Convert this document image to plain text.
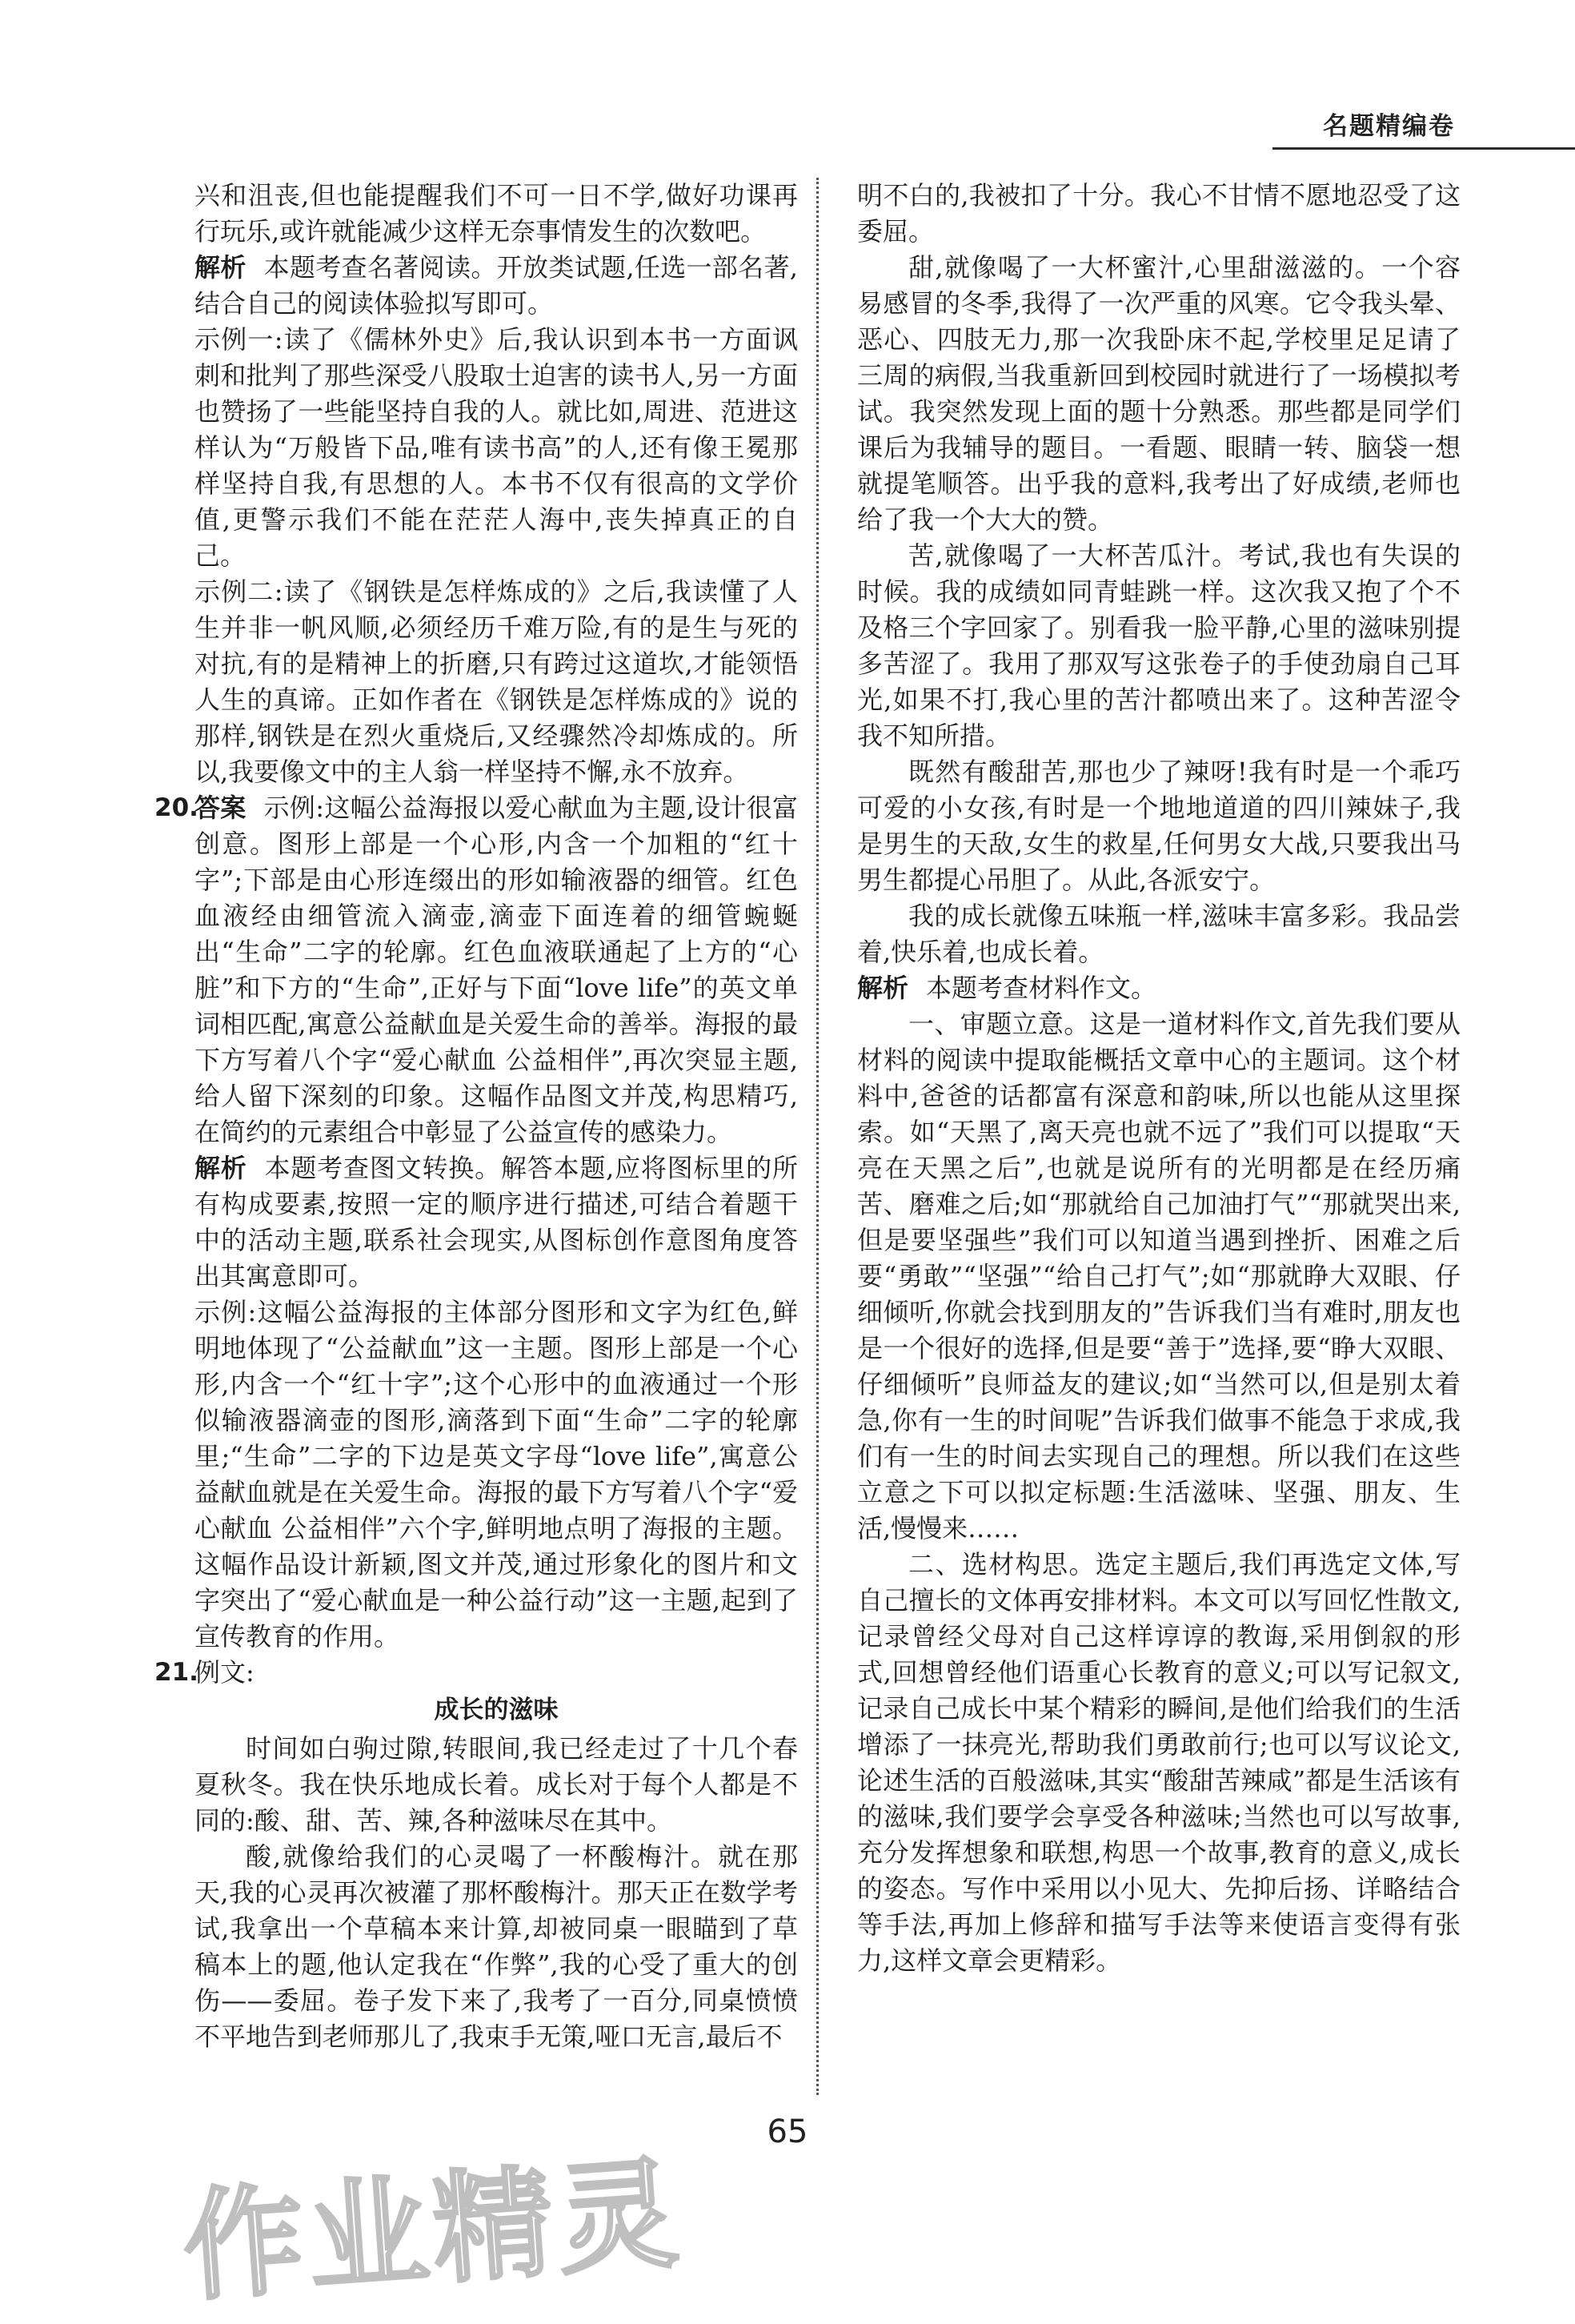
名题精编卷

兴和沮丧,但也能提醒我们不可一日不学,做好功课再行玩乐,或许就能减少这样无奈事情发生的次数吧。

解析 本题考查名著阅读。开放类试题,任选一部名著,结合自己的阅读体验拟写即可。

示例一:读了《儒林外史》后,我认识到本书一方面讽刺和批判了那些深受八股取士迫害的读书人,另一方面也赞扬了一些能坚持自我的人。就比如,周进、范进这样认为“万般皆下品,唯有读书高”的人,还有像王冕那样坚持自我,有思想的人。本书不仅有很高的文学价值,更警示我们不能在茫茫人海中,丧失掉真正的自己。

示例二:读了《钢铁是怎样炼成的》之后,我读懂了人生并非一帆风顺,必须经历千难万险,有的是生与死的对抗,有的是精神上的折磨,只有跨过这道坎,才能领悟人生的真谛。正如作者在《钢铁是怎样炼成的》说的那样,钢铁是在烈火重烧后,又经骤然冷却炼成的。所以,我要像文中的主人翁一样坚持不懈,永不放弃。

20.

答案 示例:这幅公益海报以爱心献血为主题,设计很富创意。图形上部是一个心形,内含一个加粗的“红十字”;下部是由心形连缀出的形如输液器的细管。红色血液经由细管流入滴壶,滴壶下面连着的细管蜿蜒出“生命”二字的轮廓。红色血液联通起了上方的“心脏”和下方的“生命”,正好与下面“love life”的英文单词相匹配,寓意公益献血是关爱生命的善举。海报的最下方写着八个字“爱心献血 公益相伴”,再次突显主题,给人留下深刻的印象。这幅作品图文并茂,构思精巧,在简约的元素组合中彰显了公益宣传的感染力。

解析 本题考查图文转换。解答本题,应将图标里的所有构成要素,按照一定的顺序进行描述,可结合着题干中的活动主题,联系社会现实,从图标创作意图角度答出其寓意即可。

示例:这幅公益海报的主体部分图形和文字为红色,鲜明地体现了“公益献血”这一主题。图形上部是一个心形,内含一个“红十字”;这个心形中的血液通过一个形似输液器滴壶的图形,滴落到下面“生命”二字的轮廓里;“生命”二字的下边是英文字母“love life”,寓意公益献血就是在关爱生命。海报的最下方写着八个字“爱心献血 公益相伴”六个字,鲜明地点明了海报的主题。这幅作品设计新颖,图文并茂,通过形象化的图片和文字突出了“爱心献血是一种公益行动”这一主题,起到了宣传教育的作用。

21.

例文:

成长的滋味

时间如白驹过隙,转眼间,我已经走过了十几个春夏秋冬。我在快乐地成长着。成长对于每个人都是不同的:酸、甜、苦、辣,各种滋味尽在其中。

酸,就像给我们的心灵喝了一杯酸梅汁。就在那天,我的心灵再次被灌了那杯酸梅汁。那天正在数学考试,我拿出一个草稿本来计算,却被同桌一眼瞄到了草稿本上的题,他认定我在“作弊”,我的心受了重大的创伤——委屈。卷子发下来了,我考了一百分,同桌愤愤不平地告到老师那儿了,我束手无策,哑口无言,最后不

明不白的,我被扣了十分。我心不甘情不愿地忍受了这委屈。

甜,就像喝了一大杯蜜汁,心里甜滋滋的。一个容易感冒的冬季,我得了一次严重的风寒。它令我头晕、恶心、四肢无力,那一次我卧床不起,学校里足足请了三周的病假,当我重新回到校园时就进行了一场模拟考试。我突然发现上面的题十分熟悉。那些都是同学们课后为我辅导的题目。一看题、眼睛一转、脑袋一想就提笔顺答。出乎我的意料,我考出了好成绩,老师也给了我一个大大的赞。

苦,就像喝了一大杯苦瓜汁。考试,我也有失误的时候。我的成绩如同青蛙跳一样。这次我又抱了个不及格三个字回家了。别看我一脸平静,心里的滋味别提多苦涩了。我用了那双写这张卷子的手使劲扇自己耳光,如果不打,我心里的苦汁都喷出来了。这种苦涩令我不知所措。

既然有酸甜苦,那也少了辣呀!我有时是一个乖巧可爱的小女孩,有时是一个地地道道的四川辣妹子,我是男生的天敌,女生的救星,任何男女大战,只要我出马男生都提心吊胆了。从此,各派安宁。

我的成长就像五味瓶一样,滋味丰富多彩。我品尝着,快乐着,也成长着。

解析 本题考查材料作文。

一、审题立意。这是一道材料作文,首先我们要从材料的阅读中提取能概括文章中心的主题词。这个材料中,爸爸的话都富有深意和韵味,所以也能从这里探索。如“天黑了,离天亮也就不远了”我们可以提取“天亮在天黑之后”,也就是说所有的光明都是在经历痛苦、磨难之后;如“那就给自己加油打气”“那就哭出来,但是要坚强些”我们可以知道当遇到挫折、困难之后要“勇敢”“坚强”“给自己打气”;如“那就睁大双眼、仔细倾听,你就会找到朋友的”告诉我们当有难时,朋友也是一个很好的选择,但是要“善于”选择,要“睁大双眼、仔细倾听”良师益友的建议;如“当然可以,但是别太着急,你有一生的时间呢”告诉我们做事不能急于求成,我们有一生的时间去实现自己的理想。所以我们在这些立意之下可以拟定标题:生活滋味、坚强、朋友、生活,慢慢来……

二、选材构思。选定主题后,我们再选定文体,写自己擅长的文体再安排材料。本文可以写回忆性散文,记录曾经父母对自己这样谆谆的教诲,采用倒叙的形式,回想曾经他们语重心长教育的意义;可以写记叙文,记录自己成长中某个精彩的瞬间,是他们给我们的生活增添了一抹亮光,帮助我们勇敢前行;也可以写议论文,论述生活的百般滋味,其实“酸甜苦辣咸”都是生活该有的滋味,我们要学会享受各种滋味;当然也可以写故事,充分发挥想象和联想,构思一个故事,教育的意义,成长的姿态。写作中采用以小见大、先抑后扬、详略结合等手法,再加上修辞和描写手法等来使语言变得有张力,这样文章会更精彩。

65
作业精灵
